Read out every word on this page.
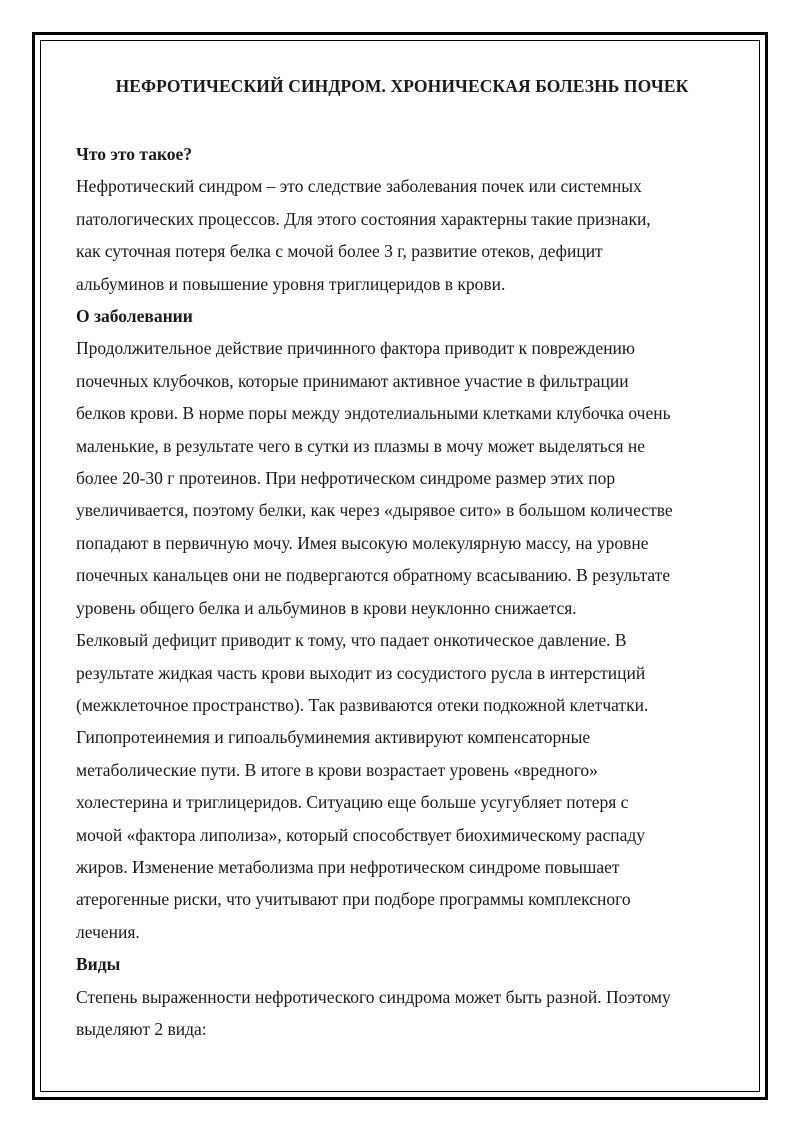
НЕФРОТИЧЕСКИЙ СИНДРОМ. ХРОНИЧЕСКАЯ БОЛЕЗНЬ ПОЧЕК
Что это такое?

Нефротический синдром – это следствие заболевания почек или системных
патологических процессов. Для этого состояния характерны такие признаки,
как суточная потеря белка с мочой более 3 г, развитие отеков, дефицит
альбуминов и повышение уровня триглицеридов в крови.

О заболевании

Продолжительное действие причинного фактора приводит к повреждению
почечных клубочков, которые принимают активное участие в фильтрации
белков крови. В норме поры между эндотелиальными клетками клубочка очень
маленькие, в результате чего в сутки из плазмы в мочу может выделяться не
более 20-30 г протеинов. При нефротическом синдроме размер этих пор
увеличивается, поэтому белки, как через «дырявое сито» в большом количестве
попадают в первичную мочу. Имея высокую молекулярную массу, на уровне
почечных канальцев они не подвергаются обратному всасыванию. В результате
уровень общего белка и альбуминов в крови неуклонно снижается.

Белковый дефицит приводит к тому, что падает онкотическое давление. В
результате жидкая часть крови выходит из сосудистого русла в интерстиций
(межклеточное пространство). Так развиваются отеки подкожной клетчатки.
Гипопротеинемия и гипоальбуминемия активируют компенсаторные
метаболические пути. В итоге в крови возрастает уровень «вредного»
холестерина и триглицеридов. Ситуацию еще больше усугубляет потеря с
мочой «фактора липолиза», который способствует биохимическому распаду
жиров. Изменение метаболизма при нефротическом синдроме повышает
атерогенные риски, что учитывают при подборе программы комплексного
лечения.

Виды

Степень выраженности нефротического синдрома может быть разной. Поэтому
выделяют 2 вида:
